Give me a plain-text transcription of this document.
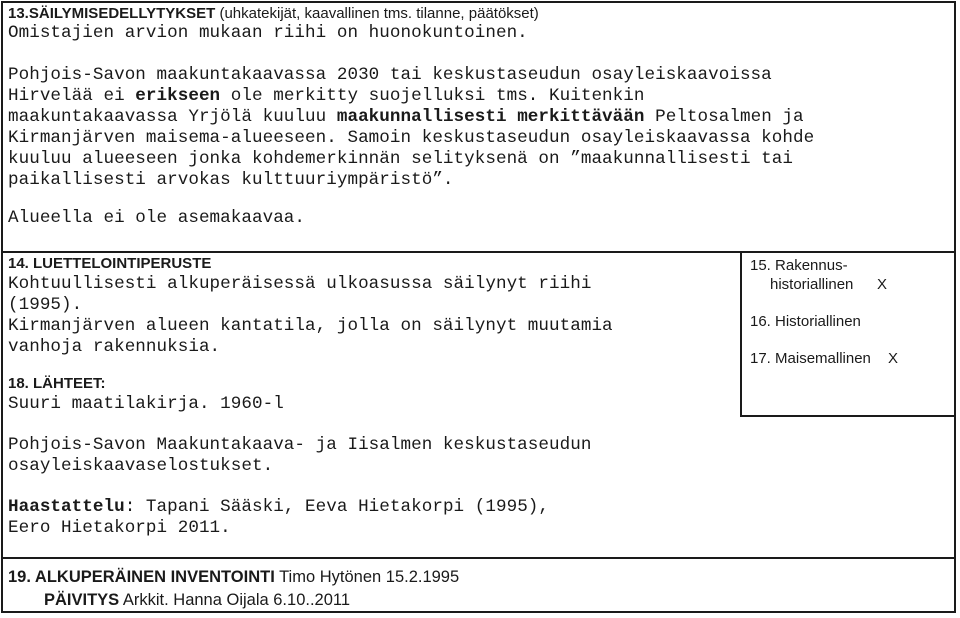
13.SÄILYMISEDELLYTYKSET (uhkatekijät, kaavallinen tms. tilanne, päätökset)
Omistajien arvion mukaan riihi on huonokuntoinen.
Pohjois-Savon maakuntakaavassa 2030 tai keskustaseudun osayleiskaavoissa
Hirvelää ei erikseen ole merkitty suojelluksi tms. Kuitenkin
maakuntakaavassa Yrjölä kuuluu maakunnallisesti merkittävään Peltosalmen ja
Kirmanjärven maisema-alueeseen. Samoin keskustaseudun osayleiskaavassa kohde
kuuluu alueeseen jonka kohdemerkinnän selityksenä on ”maakunnallisesti tai
paikallisesti arvokas kulttuuriympäristö”.
Alueella ei ole asemakaavaa.
14. LUETTELOINTIPERUSTE
Kohtuullisesti alkuperäisessä ulkoasussa säilynyt riihi
(1995).
Kirmanjärven alueen kantatila, jolla on säilynyt muutamia
vanhoja rakennuksia.
15. Rakennus-
historiallinen X
16. Historiallinen
17. Maisemallinen X
18. LÄHTEET:
Suuri maatilakirja. 1960-l
Pohjois-Savon Maakuntakaava- ja Iisalmen keskustaseudun
osayleiskaavaselostukset.
Haastattelu: Tapani Sääski, Eeva Hietakorpi (1995),
Eero Hietakorpi 2011.
19. ALKUPERÄINEN INVENTOINTI Timo Hytönen 15.2.1995
PÄIVITYS Arkkit. Hanna Oijala 6.10..2011
